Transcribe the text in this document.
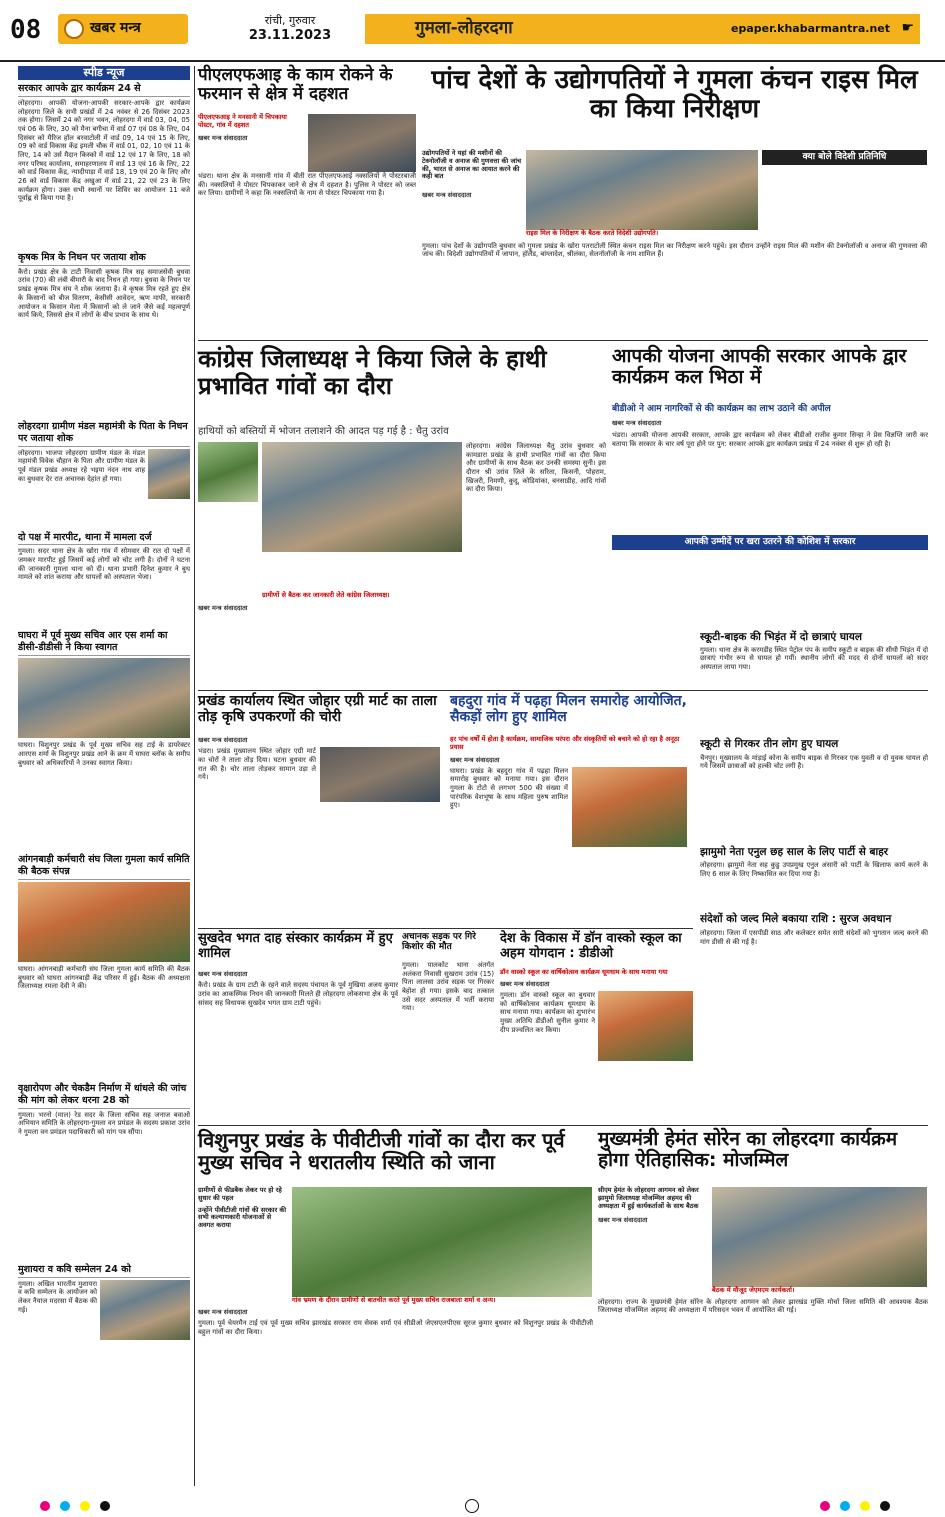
08	खबर मन्त्र	रांची, गुरुवार
23.11.2023	गुमला-लोहरदगा	epaper.khabarmantra.net ☛
स्पीड न्यूज
सरकार आपके द्वार कार्यक्रम 24 से
लोहरदगा। आपकी योजना-आपकी सरकार-आपके द्वार कार्यक्रम लोहरदगा जिले के सभी प्रखंडों में 24 नवंबर से 26 दिसंबर 2023 तक होगा। जिसमें 24 को नगर भवन, लोहरदगा में वार्ड 03, 04, 05 एवं 06 के लिए, 30 को मैना बगीचा में वार्ड 07 एवं 08 के लिए, 04 दिसंबर को मैरिज हॉल बरवाटोली में वार्ड 09, 14 एवं 15 के लिए, 09 को वार्ड विकास केंद्र इमली चौक में वार्ड 01, 02, 10 एवं 11 के लिए, 14 को उर्स मैदान किस्को में वार्ड 12 एवं 17 के लिए, 18 को नगर परिषद कार्यालय, समाहरणालय में वार्ड 13 एवं 16 के लिए, 22 को वार्ड विकास केंद्र, न्यादीपाड़ा में वार्ड 18, 19 एवं 20 के लिए और 26 को वार्ड विकास केंद्र अखुआ में वार्ड 21, 22 एवं 23 के लिए कार्यक्रम होगा। उक्त सभी स्थानों पर शिविर का आयोजन 11 बजे पूर्वाह्न से किया गया है।
कृषक मित्र के निधन पर जताया शोक
कैरो। प्रखंड क्षेत्र के टाटी निवासी कृषक मित्र सह समाजसेवी बुधवा उरांव (70) की लंबी बीमारी के बाद निधन हो गया। बुधवा के निधन पर प्रखंड कृषक मित्र संघ ने शोक जताया है। वे कृषक मित्र रहते हुए क्षेत्र के किसानों को बीज वितरण, केसीसी आवेदन, ऋण माफी, सरकारी आयोजन व किसान मेला में किसानों को ले जाने जैसे कई महत्वपूर्ण कार्य किये, जिससे क्षेत्र में लोगों के बीच प्रभाव के साथ थे।
लोहरदगा ग्रामीण मंडल महामंत्री के पिता के निधन पर जताया शोक
लोहरदगा। भाजपा लोहरदगा ग्रामीण मंडल के मंडल महामंत्री विवेक चौहान के पिता और ग्रामीण मंडल के पूर्व मंडल प्रखंड अध्यक्ष रहे भइया नंदन नाथ शाह का बुधवार देर रात अचानक देहांत हो गया।
दो पक्ष में मारपीट, थाना में मामला दर्ज
गुमला। सदर थाना क्षेत्र के खोरा गांव में सोमवार की रात दो पक्षों में जमकर मारपीट हुई जिसमें कई लोगों को चोट लगी है। दोनों ने घटना की जानकारी गुमला थाना को दी। थाना प्रभारी दिनेश कुमार ने बुध मामले को शांत कराया और घायलों को अस्पताल भेजा।
घाघरा में पूर्व मुख्य सचिव आर एस शर्मा का डीसी-डीडीसी ने किया स्वागत
घाघरा। विशुनपुर प्रखंड के पूर्व मुख्य सचिव सह टाई के डायरेक्टर आरएस शर्मा के विशुनपुर प्रखंड आने के क्रम में घाघरा ब्लॉक के समीप बुधवार को अधिकारियों ने उनका स्वागत किया।
आंगनबाड़ी कर्मचारी संघ जिला गुमला कार्य समिति की बैठक संपन्न
घाघरा। आंगनबाड़ी कर्मचारी संघ जिला गुमला कार्य समिति की बैठक बुधवार को घाघरा आंगनबाड़ी केंद्र परिसर में हुई। बैठक की अध्यक्षता जिलाध्यक्ष रमला देवी ने की।
वृक्षारोपण और चेकडैम निर्माण में धांधले की जांच की मांग को लेकर धरना 28 को
गुमला। भरनो (माल) रेड सदर के जिला सचिव सह जनाज बवाओ अभियान समिति के लोहरदगा-गुमला वन प्रमंडल के सदस्य प्रकाश उरांव ने गुमला वन प्रमंडल पदाधिकारी को मांग पत्र सौंपा।
मुशायरा व कवि सम्मेलन 24 को
गुमला। अखिल भारतीय मुशायरा व कवि सम्मेलन के आयोजन को लेकर नैयाज मदरसा में बैठक की गई।
पीएलएफआइ के काम रोकने के फरमान से क्षेत्र में दहशत
पीएलएफआइ ने मनसानी में चिपकाया पोस्टर, गांव में दहशत
खबर मन्त्र संवाददाता
भंडरा। थाना क्षेत्र के मनसानी गांव में बीती रात पीएलएफआई नक्सलियों ने पोस्टरबाजी की। नक्सलियों ने पोस्टर चिपकाकर जाने से क्षेत्र में दहशत है। पुलिस ने पोस्टर को जब्त कर लिया। ग्रामीणों ने कहा कि नक्सलियों के नाम से पोस्टर चिपकाया गया है।
पांच देशों के उद्योगपतियों ने गुमला कंचन राइस मिल का किया निरीक्षण
उद्योगपतियों ने यहां की मशीनों की टेक्नोलॉजी व अनाज की गुणवत्ता की जांच की, भारत से अनाज का आयात करने की कही बात
खबर मन्त्र संवाददाता
क्या बोले विदेशी प्रतिनिधि
राइस मिल के निरीक्षण के बैठक करते विदेशी उद्योगपति।
गुमला। पांच देशों के उद्योगपति बुधवार को गुमला प्रखंड के खोरा पतराटोली स्थित कंचन राइस मिल का निरीक्षण करने पहुंचे। इस दौरान उन्होंने राइस मिल की मशीन की टेक्नोलॉजी व अनाज की गुणवत्ता की जांच की। विदेशी उद्योगपतियों में जापान, हॉलैंड, बांग्लादेश, श्रीलंका, सेलनॉलॉजी के नाम शामिल हैं।
कांग्रेस जिलाध्यक्ष ने किया जिले के हाथी प्रभावित गांवों का दौरा
हाथियों को बस्तियों में भोजन तलाशने की आदत पड़ गई है : चैतु उरांव
लोहरदगा। कांग्रेस जिलाध्यक्ष चैतु उरांव बुधवार को कामडारा प्रखंड के हाथी प्रभावित गांवों का दौरा किया और ग्रामीणों के साथ बैठक कर उनकी समस्या सुनी। इस दौरान श्री उरांव जिले के सरिता, किसनी, पोहराम, खिजरी, निमणी, कुदू, कोडियांका, बनसाडीह, आदि गांवों का दौरा किया।
ग्रामीणों से बैठक कर जानकारी लेते कांग्रेस जिलाध्यक्ष।
खबर मन्त्र संवाददाता
आपकी योजना आपकी सरकार आपके द्वार कार्यक्रम कल भिठा में
बीडीओ ने आम नागरिकों से की कार्यक्रम का लाभ उठाने की अपील
खबर मन्त्र संवाददाता
भंडरा। आपकी योजना आपकी सरकार, आपके द्वार कार्यक्रम को लेकर बीडीओ राजीव कुमार सिन्हा ने प्रेस विज्ञप्ति जारी कर बताया कि सरकार के चार वर्ष पूरा होने पर पुन: सरकार आपके द्वार कार्यक्रम प्रखंड में 24 नवंबर से शुरू हो रही है।
आपकी उम्मीदें पर खरा उतरने की कोशिश में सरकार
प्रखंड कार्यालय स्थित जोहार एग्री मार्ट का ताला तोड़ कृषि उपकरणों की चोरी
खबर मन्त्र संवाददाता
भंडरा। प्रखंड मुख्यालय स्थित जोहार एग्री मार्ट का चोरों ने ताला तोड़ दिया। घटना बुधवार की रात की है। चोर ताला तोड़कर सामान उड़ा ले गये।
बहदुरा गांव में पढ़हा मिलन समारोह आयोजित, सैकड़ों लोग हुए शामिल
हर पांच वर्षों में होता है कार्यक्रम, सामाजिक परंपरा और संस्कृतियों को बचाने को हो रहा है अनूठा प्रयास
खबर मन्त्र संवाददाता
घाघरा। प्रखंड के बहदुरा गांव में पढ़हा मिलन समारोह बुधवार को मनाया गया। इस दौरान गुमला के टोटो से लगभग 500 की संख्या में पारंपरिक वेशभूषा के साथ महिला पुरुष शामिल हुए।
स्कूटी-बाइक की भिड़ंत में दो छात्राएं घायल
गुमला। थाना क्षेत्र के करमडीह स्थित पेट्रोल पंप के समीप स्कूटी व बाइक की सीधी भिड़ंत में दो छात्राएं गंभीर रूप से घायल हो गयीं। स्थानीय लोगों की मदद से दोनों घायलों को सदर अस्पताल लाया गया।
स्कूटी से गिरकर तीन लोग हुए घायल
चैनपुर। मुख्यालय के मांड़ाई कोना के समीप बाइक से गिरकर एक युवती व दो युवक घायल हो गये जिसमें छात्राओं को हल्की चोट लगी है।
झामुमो नेता एनुल छह साल के लिए पार्टी से बाहर
लोहरदगा। झामुमो नेता सह कुडु उपप्रमुख एनुल अंसारी को पार्टी के खिलाफ कार्य करने के लिए 6 साल के लिए निष्कासित कर दिया गया है।
संदेशों को जल्द मिले बकाया राशि : सुरज अवधान
लोहरदगा। जिला में एसपीडी साठ और कलेक्टर समेत सारी संदेशों को भुगतान जल्द करने की मांग डीसी से की गई है।
सुखदेव भगत दाह संस्कार कार्यक्रम में हुए शामिल
खबर मन्त्र संवाददाता
कैरो। प्रखंड के ग्राम टाटी के रहने वाले सदस्य पंचायत के पूर्व मुखिया अजय कुमार उरांव का आकस्मिक निधन की जानकारी मिलते ही लोहरदगा लोकसभा क्षेत्र के पूर्व सांसद सह विधायक सुखदेव भगत ग्राम टाटी पहुंचे।
अचानक सड़क पर गिरे किशोर की मौत
गुमला। पालकोट थाना अंतर्गत अलंकरा निवासी सुखराम उरांव (15) पिता लालसा उरांव सड़क पर गिरकर बेहोश हो गया। इसके बाद तत्काल उसे सदर अस्पताल में भर्ती कराया गया।
देश के विकास में डॉन वास्को स्कूल का अहम योगदान : डीडीओ
डॉन वास्को स्कूल का वार्षिकोत्सव कार्यक्रम धूमधाम के साथ मनाया गया
खबर मन्त्र संवाददाता
गुमला। डॉन वास्को स्कूल का बुधवार को वार्षिकोत्सव कार्यक्रम धूमधाम के साथ मनाया गया। कार्यक्रम का शुभारंभ मुख्य अतिथि डीडीओ सुनील कुमार ने दीप प्रज्वलित कर किया।
विशुनपुर प्रखंड के पीवीटीजी गांवों का दौरा कर पूर्व मुख्य सचिव ने धरातलीय स्थिति को जाना
ग्रामीणों से फीडबैक लेकर पर हो रहे सुधार की पहल
उन्होंने पीवीटीजी गांवों की सरकार की सभी कल्याणकारी योजनाओं से अवगत कराया
गांव भ्रमण के दौरान ग्रामीणों से बातचीत करते पूर्व मुख्य सचिव राजबाला शर्मा व अन्य।
खबर मन्त्र संवाददाता
गुमला। पूर्व चेयरमैन टाई एवं पूर्व मुख्य सचिव झारखंड सरकार राम सेवक शर्मा एवं सीडीओ जेएसएलपीएस सूरज कुमार बुधवार को विशुनपुर प्रखंड के पीवीटीजी बहुल गांवों का दौरा किया।
मुख्यमंत्री हेमंत सोरेन का लोहरदगा कार्यक्रम होगा ऐतिहासिक: मोजम्मिल
सीएम हेमंत के लोहरदगा आगमन को लेकर झामुमो जिलाध्यक्ष मोजम्मिल अहमद की अध्यक्षता में हुई कार्यकर्ताओं के साथ बैठक
खबर मन्त्र संवाददाता
बैठक में मौजूद जेएमएम कार्यकर्ता।
लोहरदगा। राज्य के मुख्यमंत्री हेमंत सोरेन के लोहरदगा आगमन को लेकर झारखंड मुक्ति मोर्चा जिला समिति की आवश्यक बैठक जिलाध्यक्ष मोजम्मिल अहमद की अध्यक्षता में परिसदन भवन में आयोजित की गई।
